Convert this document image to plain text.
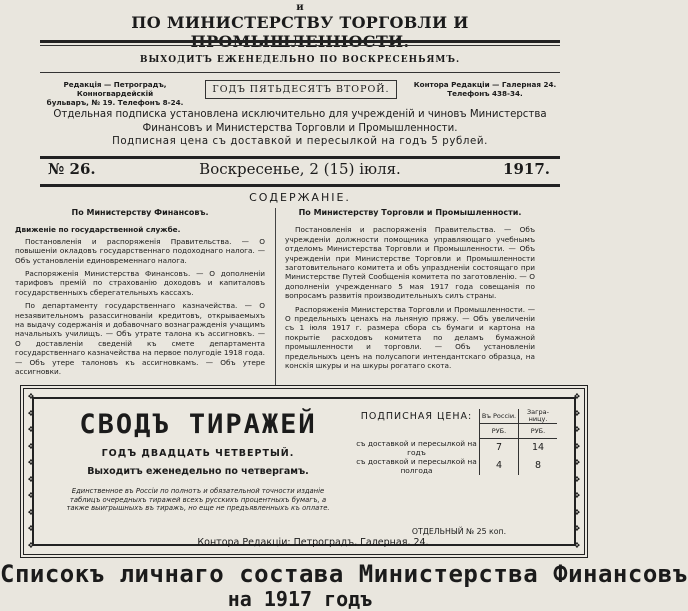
и
ПО МИНИСТЕРСТВУ ТОРГОВЛИ И ПРОМЫШЛЕННОСТИ.
ВЫХОДИТЪ ЕЖЕНЕДЕЛЬНО ПО ВОСКРЕСЕНЬЯМЪ.
Редакція — Петроградъ, Конногвардейскій
бульваръ, № 19. Телефонъ 8-24.
ГОДЪ ПЯТЬДЕСЯТЪ ВТОРОЙ.	Контора Редакціи — Галерная 24.
Телефонъ 438-34.
Отдельная подписка установлена исключительно для учрежденій и чиновъ Министерства
Финансовъ и Министерства Торговли и Промышленности.
Подписная цена съ доставкой и пересылкой на годъ 5 рублей.
№ 26.	Воскресенье, 2 (15) іюля.	1917.
СОДЕРЖАНІЕ.
По Министерству Финансовъ.
Движеніе по государственной службе.

Постановленія и распоряженія Правительства. — О повышеніи окладовъ государственнаго подоходнаго налога. — Объ установленіи единовременнаго налога.

Распоряженія Министерства Финансовъ. — О дополненіи тарифовъ премій по страхованію доходовъ и капиталовъ государственныхъ сберегательныхъ кассахъ.

По департаменту государственнаго казначейства. — О незаявительномъ разассигнованіи кредитовъ, открываемыхъ на выдачу содержанія и добавочнаго вознагражденія учащимъ начальныхъ училищъ. — Объ утрате талона къ ассигновкъ. — О доставленіи сведеній къ смете департамента государственнаго казначейства на первое полугодіе 1918 года. — Объ утере талоновъ къ ассигновкамъ. — Объ утере ассигновки.

По Министерству Торговли и Промышленности.

Постановленія и распоряженія Правительства. — Объ учрежденіи должности помощника управляющаго учебнымъ отделомъ Министерства Торговли и Промышленности. — Объ учрежденіи при Министерстве Торговли и Промышленности заготовительнаго комитета и объ упраздненіи состоящаго при Министерстве Путей Сообщенія комитета по заготовленію. — О дополненіи учрежденнаго 5 мая 1917 года совещанія по вопросамъ развитія производительныхъ силъ страны.

Распоряженія Министерства Торговли и Промышленности. — О предельныхъ ценахъ на льняную пряжу. — Объ увеличеніи съ 1 іюля 1917 г. размера сбора съ бумаги и картона на покрытіе расходовъ комитета по деламъ бумажной промышленности и торговли. — Объ установленіи предельныхъ ценъ на полусапоги интендантскаго образца, на конскія шкуры и на шкуры рогатаго скота.

❖
❖
❖
❖
❖
❖
❖
❖
❖
❖
❖
❖
❖
❖
❖
❖
❖
❖
❖
❖
СВОДЪ ТИРАЖЕЙ
ГОДЪ ДВАДЦАТЬ ЧЕТВЕРТЫЙ.
Выходитъ еженедельно по четвергамъ.
Единственное въ Россіи по полнотъ и обязательной точности изданіе таблицъ очередныхъ тиражей всехъ русскихъ процентныхъ бумагъ, а также выигрышныхъ въ тиражъ, но еще не предъявленныхъ къ оплате.
ПОДПИСНАЯ ЦЕНА:	Въ Россіи.	Загра-ницу.
	РУБ.	РУБ.
съ доставкой и пересылкой на годъ	7	14
съ доставкой и пересылкой на полгода	4	8
ОТДЕЛЬНЫЙ № 25 коп.
Контора Редакціи: Петроградъ, Галерная, 24.
Списокъ личнаго состава Министерства Финансовъ
на 1917 годъ
